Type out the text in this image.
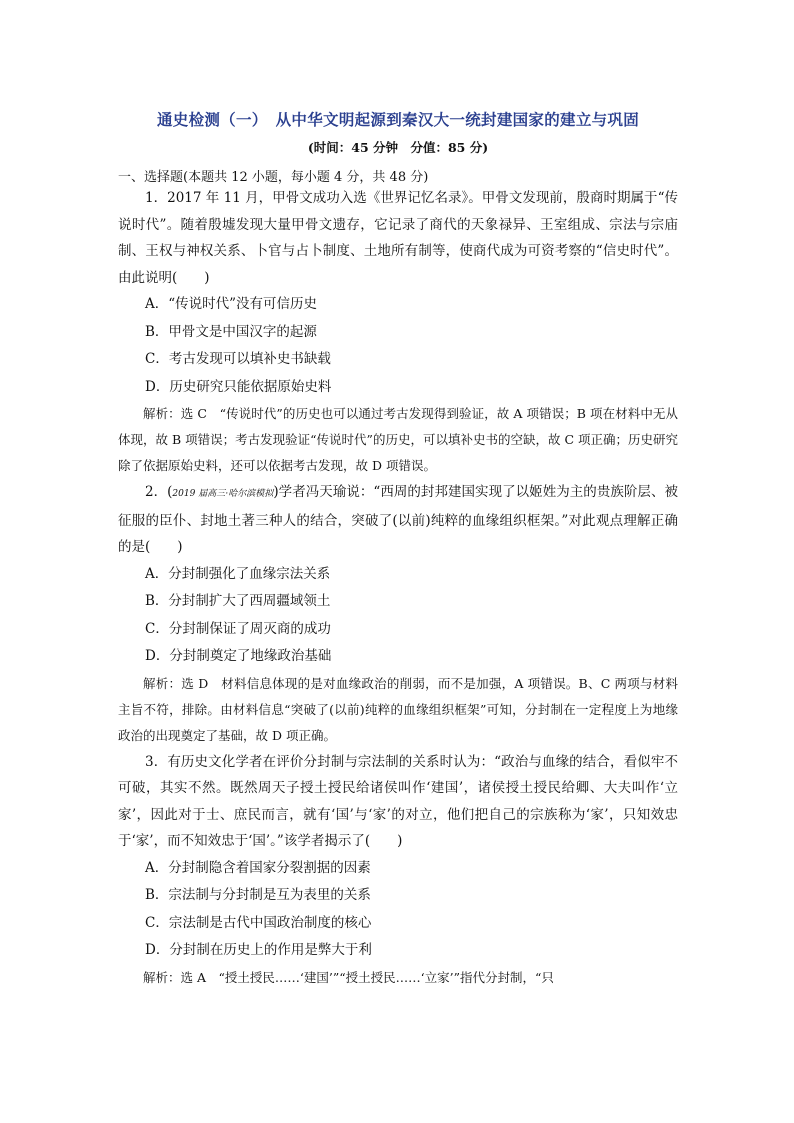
通史检测（一）　从中华文明起源到秦汉大一统封建国家的建立与巩固
(时间：45 分钟　分值：85 分)
一、选择题(本题共 12 小题，每小题 4 分，共 48 分)

1．2017 年 11 月，甲骨文成功入选《世界记忆名录》。甲骨文发现前，殷商时期属于“传说时代”。随着殷墟发现大量甲骨文遗存，它记录了商代的天象禄异、王室组成、宗法与宗庙制、王权与神权关系、卜官与占卜制度、土地所有制等，使商代成为可资考察的“信史时代”。由此说明(　　)

A．“传说时代”没有可信历史

B．甲骨文是中国汉字的起源

C．考古发现可以填补史书缺载

D．历史研究只能依据原始史料

解析：选 C　“传说时代”的历史也可以通过考古发现得到验证，故 A 项错误；B 项在材料中无从体现，故 B 项错误；考古发现验证“传说时代”的历史，可以填补史书的空缺，故 C 项正确；历史研究除了依据原始史料，还可以依据考古发现，故 D 项错误。

2．(2019 届高三·哈尔滨模拟)学者冯天瑜说：“西周的封邦建国实现了以姬姓为主的贵族阶层、被征服的臣仆、封地土著三种人的结合，突破了(以前)纯粹的血缘组织框架。”对此观点理解正确的是(　　)

A．分封制强化了血缘宗法关系

B．分封制扩大了西周疆域领土

C．分封制保证了周灭商的成功

D．分封制奠定了地缘政治基础

解析：选 D　材料信息体现的是对血缘政治的削弱，而不是加强，A 项错误。B、C 两项与材料主旨不符，排除。由材料信息“突破了(以前)纯粹的血缘组织框架”可知，分封制在一定程度上为地缘政治的出现奠定了基础，故 D 项正确。

3．有历史文化学者在评价分封制与宗法制的关系时认为：“政治与血缘的结合，看似牢不可破，其实不然。既然周天子授土授民给诸侯叫作‘建国’，诸侯授土授民给卿、大夫叫作‘立家’，因此对于士、庶民而言，就有‘国’与‘家’的对立，他们把自己的宗族称为‘家’，只知效忠于‘家’，而不知效忠于‘国’。”该学者揭示了(　　)

A．分封制隐含着国家分裂割据的因素

B．宗法制与分封制是互为表里的关系

C．宗法制是古代中国政治制度的核心

D．分封制在历史上的作用是弊大于利

解析：选 A　“授土授民……‘建国’”“授土授民……‘立家’”指代分封制，“只
